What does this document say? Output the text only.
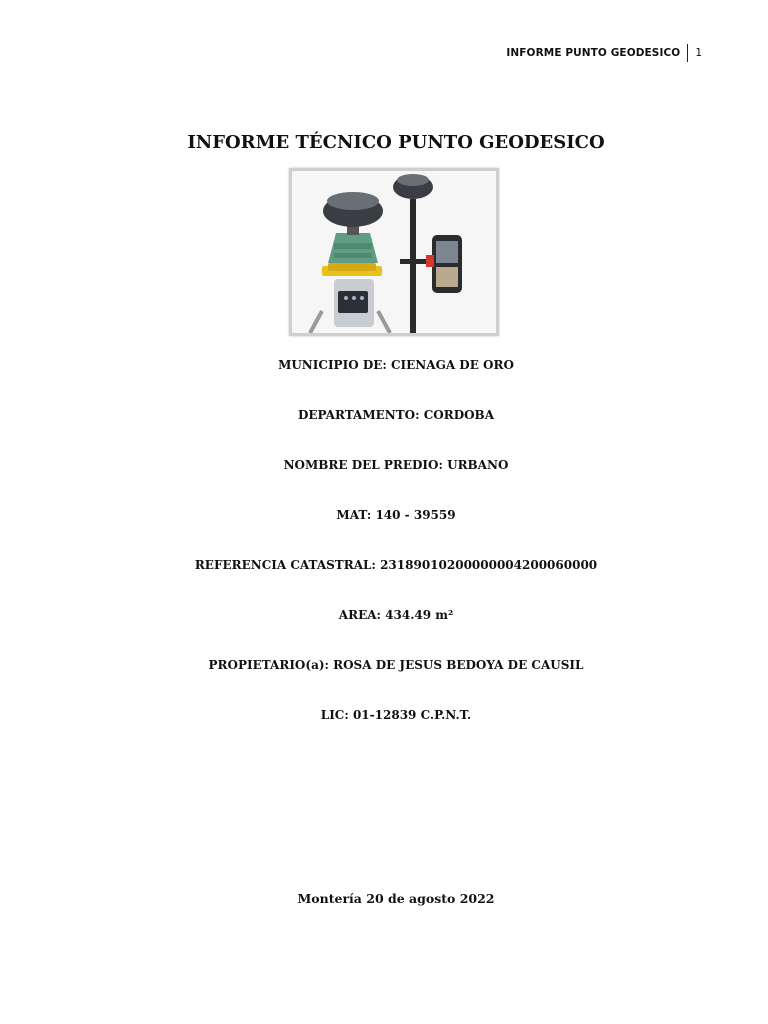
INFORME PUNTO GEODESICO 1
INFORME TÉCNICO PUNTO GEODESICO
MUNICIPIO DE: CIENAGA DE ORO
DEPARTAMENTO: CORDOBA
NOMBRE DEL PREDIO: URBANO
MAT: 140 - 39559
REFERENCIA CATASTRAL: 23189010200000004200060000
AREA: 434.49 m²
PROPIETARIO(a): ROSA DE JESUS BEDOYA DE CAUSIL
LIC: 01-12839 C.P.N.T.
Montería 20 de agosto 2022
